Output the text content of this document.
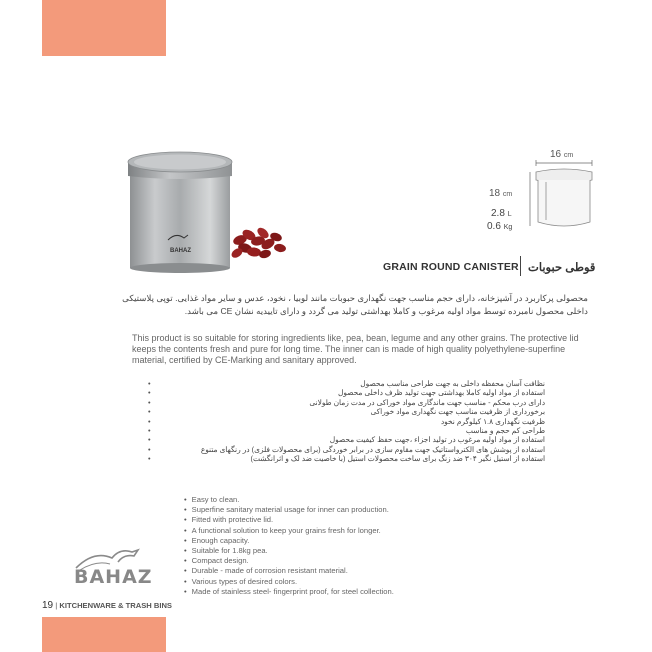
BAHAZ
16 cm
18 cm
2.8 L
0.6 Kg
GRAIN ROUND CANISTER قوطی حبوبات
محصولی پرکاربرد در آشپزخانه، دارای حجم مناسب جهت نگهداری حبوبات مانند لوبیا ، نخود، عدس و سایر مواد غذایی. توپی پلاستیکی
داخلی محصول نامبرده توسط مواد اولیه مرغوب و کاملا بهداشتی تولید می گردد و دارای تاییدیه نشان CE می باشد.
This product is so suitable for storing ingredients like, pea, bean, legume and any other grains. The protective lid keeps the contents fresh and pure for long time. The inner can is made of high quality polyethylene-superfine material, certified by CE-Marking and sanitary approved.
نظافت آسان محفظه داخلی به جهت طراحی مناسب محصول •
استفاده از مواد اولیه کاملا بهداشتی جهت تولید ظرف داخلی محصول •
دارای درب محکم - مناسب جهت ماندگاری مواد خوراکی در مدت زمان طولانی •
برخورداری از ظرفیت مناسب جهت نگهداری مواد خوراکی •
ظرفیت نگهداری ۱.۸ کیلوگرم نخود •
طراحی کم حجم و مناسب •
استفاده از مواد اولیه مرغوب در تولید اجزاء ،جهت حفظ کیفیت محصول •
استفاده از پوشش های الکترواستاتیک جهت مقاوم سازی در برابر خوردگی (برای محصولات فلزی) در رنگهای متنوع •
استفاده از استیل نگیر ۳۰۴ ضد زنگ برای ساخت محصولات استیل (با خاصیت ضد لک و اثرانگشت) •
• Easy to clean.
• Superfine sanitary material usage for inner can production.
• Fitted with protective lid.
• A functional solution to keep your grains fresh for longer.
• Enough capacity.
• Suitable for 1.8kg pea.
• Compact design.
• Durable - made of corrosion resistant material.
• Various types of desired colors.
• Made of stainless steel- fingerprint proof, for steel collection.
BAHAZ
19 | KITCHENWARE & TRASH BINS
